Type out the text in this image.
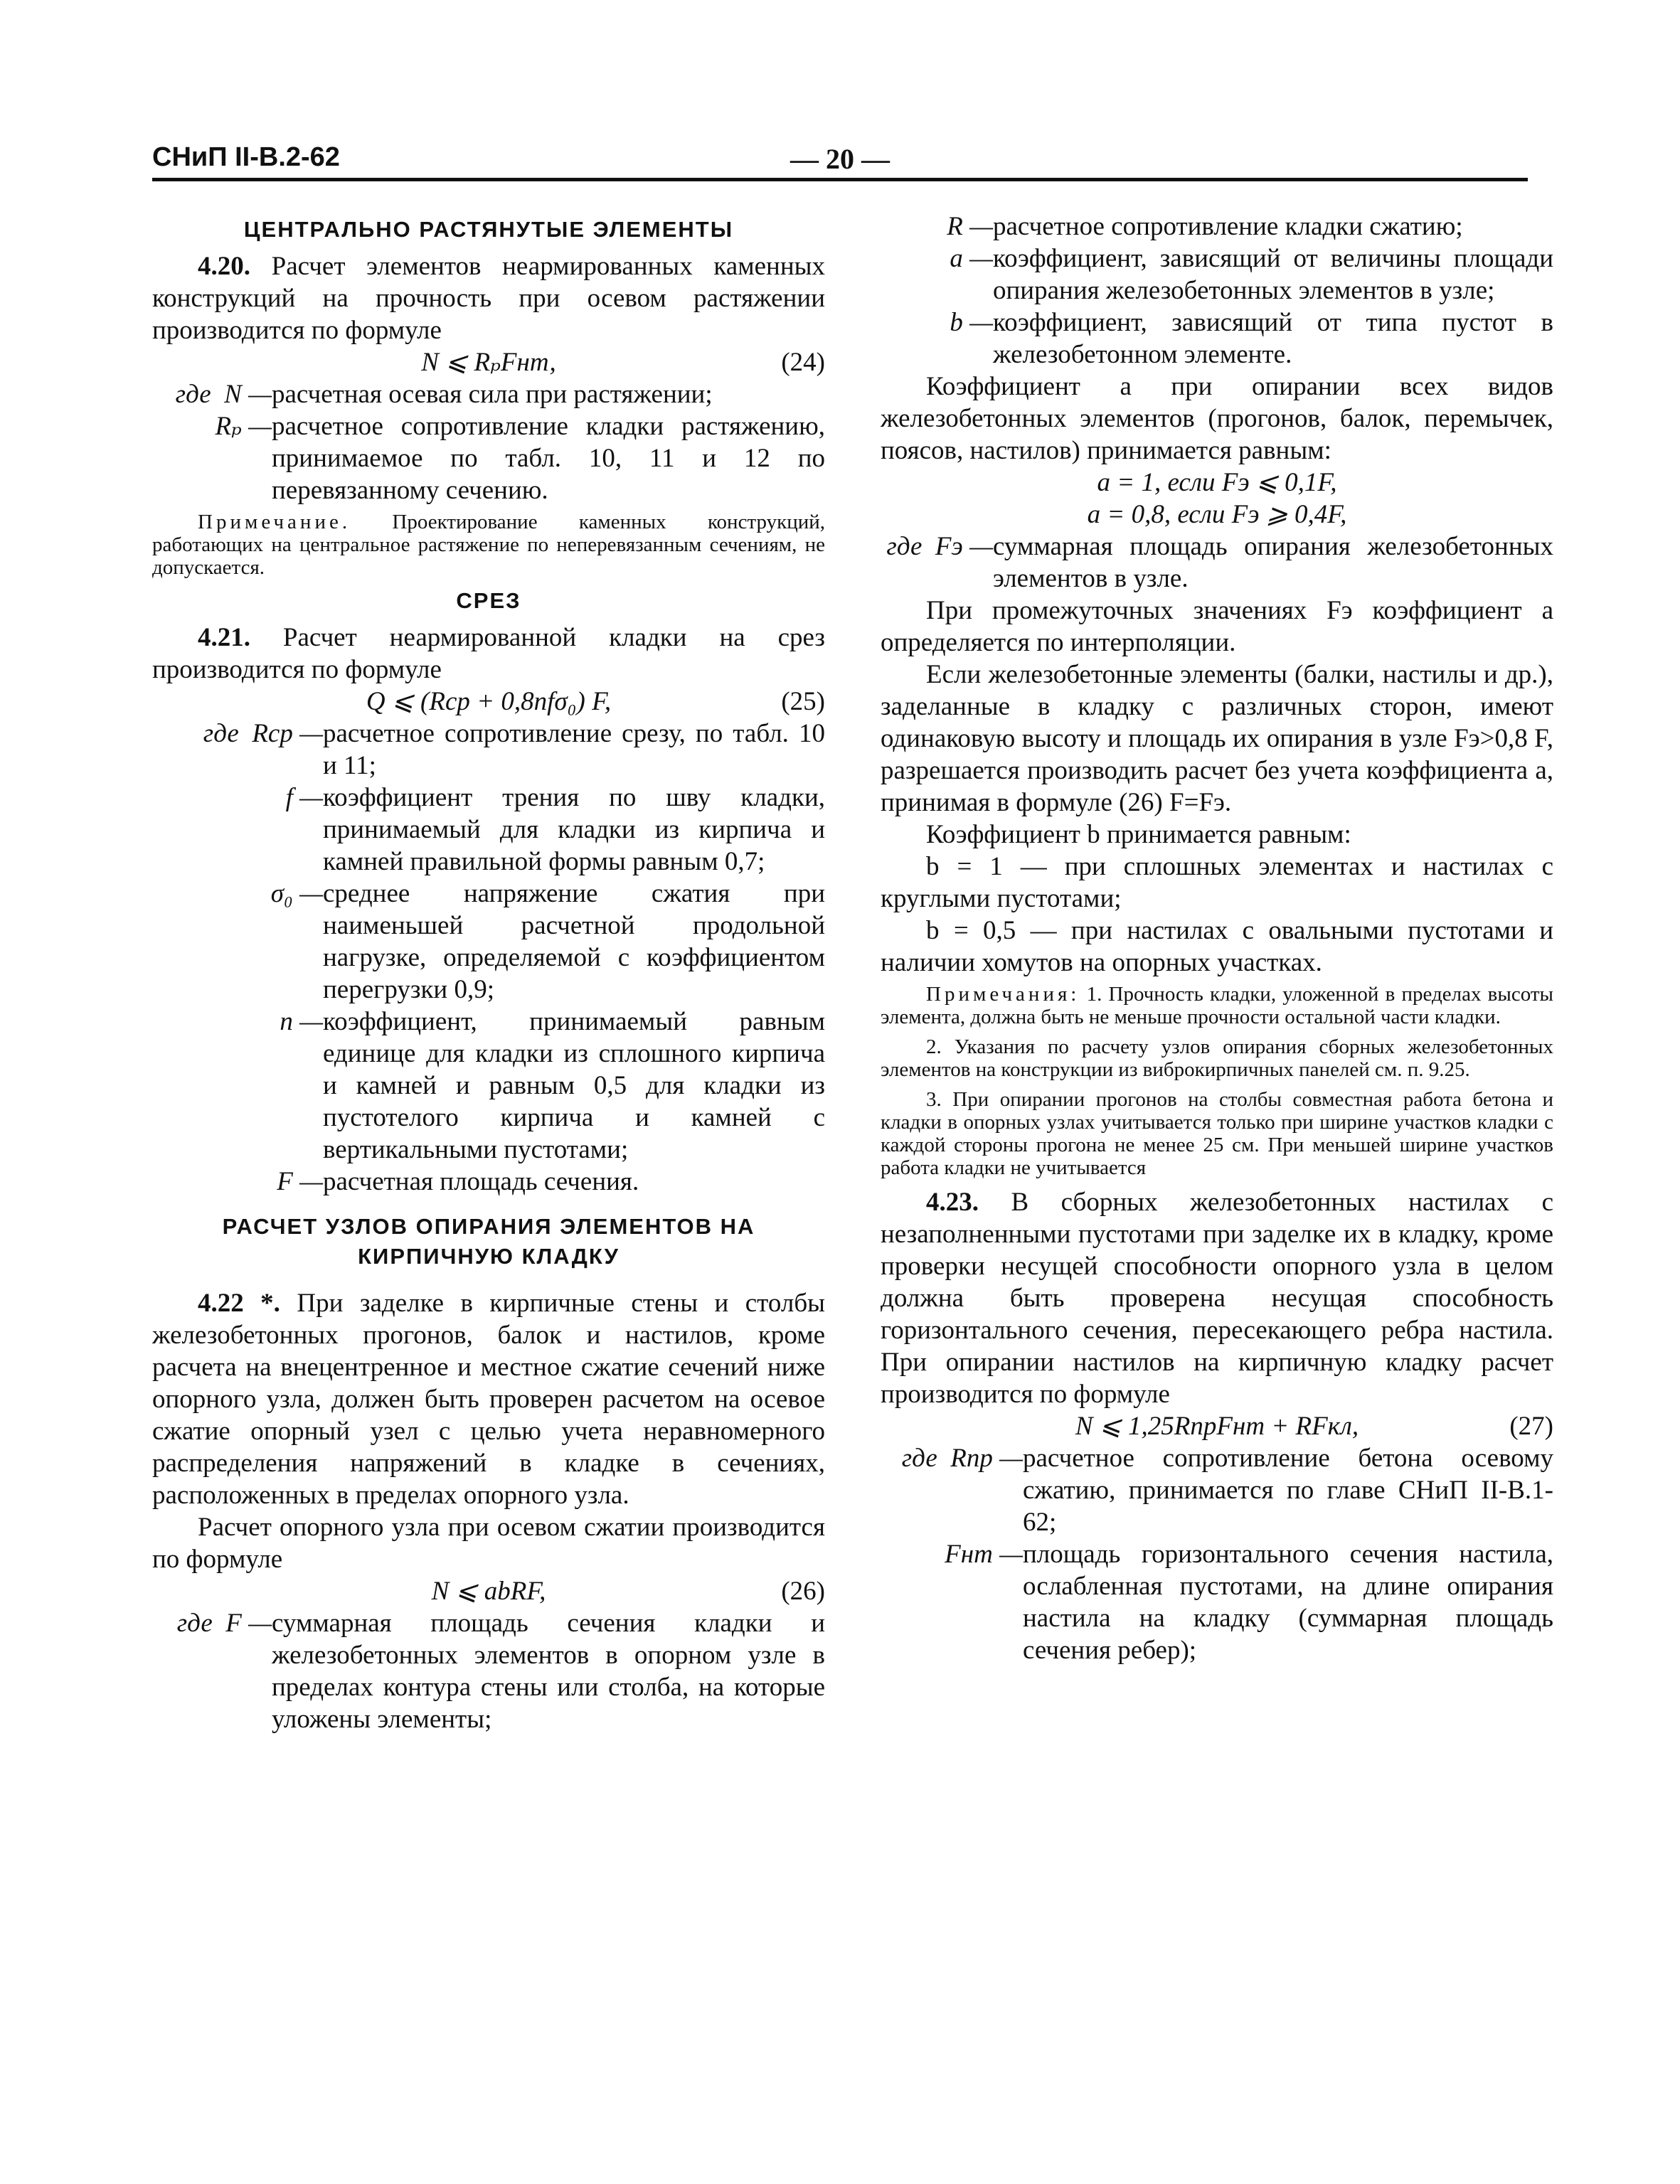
СНиП II-В.2-62	— 20 —
ЦЕНТРАЛЬНО РАСТЯНУТЫЕ ЭЛЕМЕНТЫ

4.20. Расчет элементов неармированных каменных конструкций на прочность при осевом растяжении производится по формуле

N ⩽ RₚFнт,	(24)
где  N — расчетная осевая сила при растяжении;
Rₚ — расчетное сопротивление кладки растяжению, принимаемое по табл. 10, 11 и 12 по перевязанному сечению.

Примечание. Проектирование каменных конструкций, работающих на центральное растяжение по неперевязанным сечениям, не допускается.

СРЕЗ

4.21. Расчет неармированной кладки на срез производится по формуле

Q ⩽ (Rср + 0,8nfσ₀) F,	(25)
где  Rср — расчетное сопротивление срезу, по табл. 10 и 11;
f — коэффициент трения по шву кладки, принимаемый для кладки из кирпича и камней правильной формы равным 0,7;
σ₀ — среднее напряжение сжатия при наименьшей расчетной продольной нагрузке, определяемой с коэффициентом перегрузки 0,9;
n — коэффициент, принимаемый равным единице для кладки из сплошного кирпича и камней и равным 0,5 для кладки из пустотелого кирпича и камней с вертикальными пустотами;
F — расчетная площадь сечения.
РАСЧЕТ УЗЛОВ ОПИРАНИЯ ЭЛЕМЕНТОВ НА КИРПИЧНУЮ КЛАДКУ

4.22 *. При заделке в кирпичные стены и столбы железобетонных прогонов, балок и настилов, кроме расчета на внецентренное и местное сжатие сечений ниже опорного узла, должен быть проверен расчетом на осевое сжатие опорный узел с целью учета неравномерного распределения напряжений в кладке в сечениях, расположенных в пределах опорного узла.

Расчет опорного узла при осевом сжатии производится по формуле

N ⩽ abRF,	(26)
где  F — суммарная площадь сечения кладки и железобетонных элементов в опорном узле в пределах контура стены или столба, на которые уложены элементы;
R — расчетное сопротивление кладки сжатию;
a — коэффициент, зависящий от величины площади опирания железобетонных элементов в узле;
b — коэффициент, зависящий от типа пустот в железобетонном элементе.

Коэффициент a при опирании всех видов железобетонных элементов (прогонов, балок, перемычек, поясов, настилов) принимается равным:

a = 1, если Fэ ⩽ 0,1F,
a = 0,8, если Fэ ⩾ 0,4F,
где  Fэ — суммарная площадь опирания железобетонных элементов в узле.

При промежуточных значениях Fэ коэффициент a определяется по интерполяции.

Если железобетонные элементы (балки, настилы и др.), заделанные в кладку с различных сторон, имеют одинаковую высоту и площадь их опирания в узле Fэ>0,8 F, разрешается производить расчет без учета коэффициента a, принимая в формуле (26) F=Fэ.

Коэффициент b принимается равным:

b = 1 — при сплошных элементах и настилах с круглыми пустотами;

b = 0,5 — при настилах с овальными пустотами и наличии хомутов на опорных участках.

Примечания: 1. Прочность кладки, уложенной в пределах высоты элемента, должна быть не меньше прочности остальной части кладки.

2. Указания по расчету узлов опирания сборных железобетонных элементов на конструкции из виброкирпичных панелей см. п. 9.25.

3. При опирании прогонов на столбы совместная работа бетона и кладки в опорных узлах учитывается только при ширине участков кладки с каждой стороны прогона не менее 25 см. При меньшей ширине участков работа кладки не учитывается

4.23. В сборных железобетонных настилах с незаполненными пустотами при заделке их в кладку, кроме проверки несущей способности опорного узла в целом должна быть проверена несущая способность горизонтального сечения, пересекающего ребра настила. При опирании настилов на кирпичную кладку расчет производится по формуле

N ⩽ 1,25RпрFнт + RFкл,	(27)
где  Rпр — расчетное сопротивление бетона осевому сжатию, принимается по главе СНиП II-В.1-62;
Fнт — площадь горизонтального сечения настила, ослабленная пустотами, на длине опирания настила на кладку (суммарная площадь сечения ребер);
